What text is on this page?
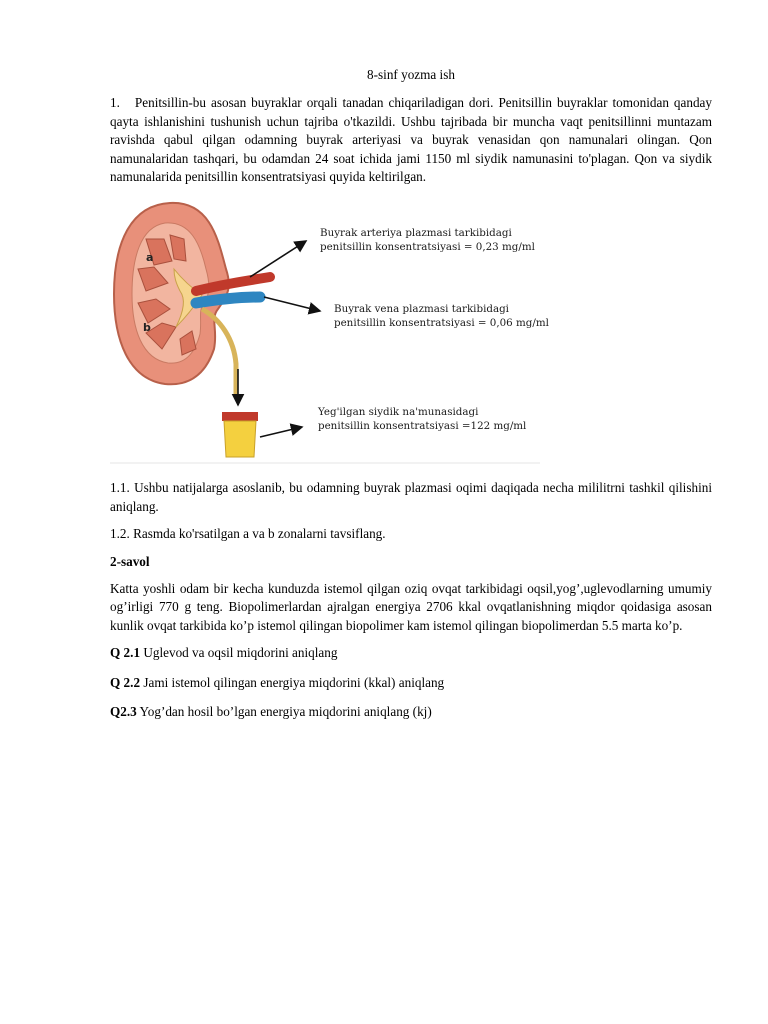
8-sinf yozma ish

1. Penitsillin-bu asosan buyraklar orqali tanadan chiqariladigan dori. Penitsillin buyraklar tomonidan qanday qayta ishlanishini tushunish uchun tajriba o'tkazildi. Ushbu tajribada bir muncha vaqt penitsillinni muntazam ravishda qabul qilgan odamning buyrak arteriyasi va buyrak venasidan qon namunalari olingan. Qon namunalaridan tashqari, bu odamdan 24 soat ichida jami 1150 ml siydik namunasini to'plagan. Qon va siydik namunalarida penitsillin konsentratsiyasi quyida keltirilgan.

a
b
Buyrak arteriya plazmasi tarkibidagi
penitsillin konsentratsiyasi = 0,23 mg/ml
Buyrak vena plazmasi tarkibidagi
penitsillin konsentratsiyasi = 0,06 mg/ml
Yeg'ilgan siydik na'munasidagi
penitsillin konsentratsiyasi =122 mg/ml

1.1. Ushbu natijalarga asoslanib, bu odamning buyrak plazmasi oqimi daqiqada necha mililitrni tashkil qilishini aniqlang.

1.2. Rasmda ko'rsatilgan a va b zonalarni tavsiflang.

2-savol

Katta yoshli odam bir kecha kunduzda istemol qilgan oziq ovqat tarkibidagi oqsil,yog’,uglevodlarning umumiy og’irligi 770 g teng. Biopolimerlardan ajralgan energiya 2706 kkal ovqatlanishning miqdor qoidasiga asosan kunlik ovqat tarkibida ko’p istemol qilingan biopolimer kam istemol qilingan biopolimerdan 5.5 marta ko’p.

Q 2.1 Uglevod va oqsil miqdorini aniqlang

Q 2.2 Jami istemol qilingan energiya miqdorini (kkal) aniqlang

Q2.3 Yog’dan hosil bo’lgan energiya miqdorini aniqlang (kj)
